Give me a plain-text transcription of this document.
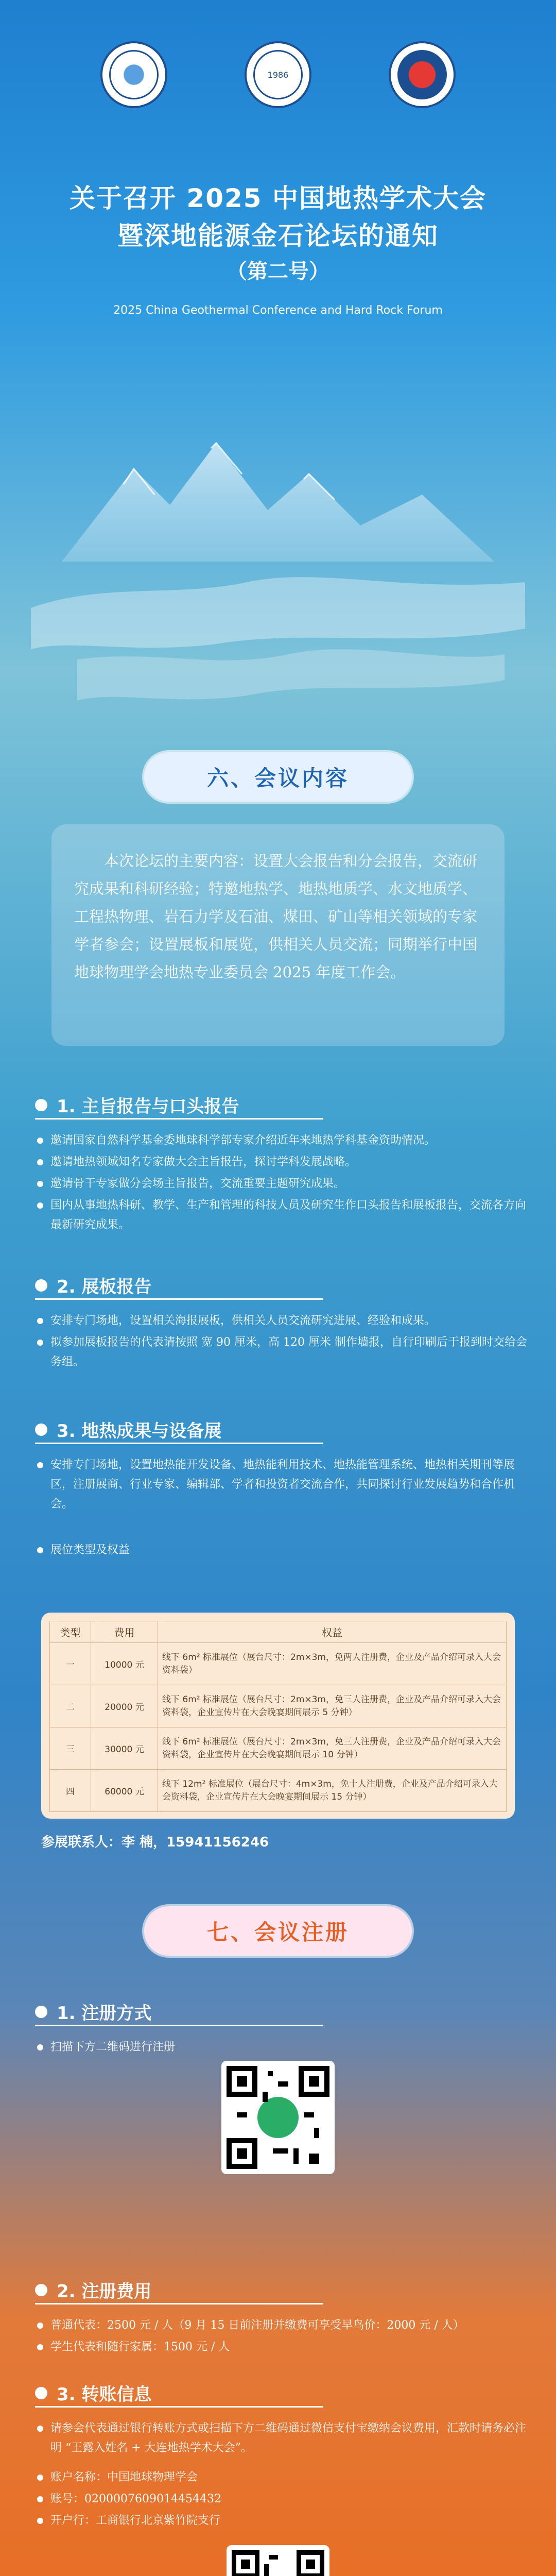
1986
关于召开 2025 中国地热学术大会
暨深地能源金石论坛的通知
（第二号）
2025 China Geothermal Conference and Hard Rock Forum
六、会议内容

本次论坛的主要内容：设置大会报告和分会报告，交流研究成果和科研经验；特邀地热学、地热地质学、水文地质学、工程热物理、岩石力学及石油、煤田、矿山等相关领域的专家学者参会；设置展板和展览，供相关人员交流；同期举行中国地球物理学会地热专业委员会 2025 年度工作会。

1. 主旨报告与口头报告
邀请国家自然科学基金委地球科学部专家介绍近年来地热学科基金资助情况。
邀请地热领域知名专家做大会主旨报告，探讨学科发展战略。
邀请骨干专家做分会场主旨报告，交流重要主题研究成果。
国内从事地热科研、教学、生产和管理的科技人员及研究生作口头报告和展板报告，交流各方向最新研究成果。
2. 展板报告
安排专门场地，设置相关海报展板，供相关人员交流研究进展、经验和成果。
拟参加展板报告的代表请按照 宽 90 厘米，高 120 厘米 制作墙报，自行印刷后于报到时交给会务组。
3. 地热成果与设备展
安排专门场地，设置地热能开发设备、地热能利用技术、地热能管理系统、地热相关期刊等展区，注册展商、行业专家、编辑部、学者和投资者交流合作，共同探讨行业发展趋势和合作机会。
展位类型及权益
类型	费用	权益
一	10000 元	线下 6m² 标准展位（展台尺寸：2m×3m，免两人注册费，企业及产品介绍可录入大会资料袋）
二	20000 元	线下 6m² 标准展位（展台尺寸：2m×3m，免三人注册费，企业及产品介绍可录入大会资料袋，企业宣传片在大会晚宴期间展示 5 分钟）
三	30000 元	线下 6m² 标准展位（展台尺寸：2m×3m，免三人注册费，企业及产品介绍可录入大会资料袋，企业宣传片在大会晚宴期间展示 10 分钟）
四	60000 元	线下 12m² 标准展位（展台尺寸：4m×3m，免十人注册费，企业及产品介绍可录入大会资料袋，企业宣传片在大会晚宴期间展示 15 分钟）
参展联系人：李 楠，15941156246
七、会议注册
1. 注册方式
扫描下方二维码进行注册
2. 注册费用
普通代表：2500 元 / 人（9 月 15 日前注册并缴费可享受早鸟价：2000 元 / 人）
学生代表和随行家属：1500 元 / 人
3. 转账信息
请参会代表通过银行转账方式或扫描下方二维码通过微信支付宝缴纳会议费用，汇款时请务必注明 “王露入姓名 + 大连地热学术大会”。
账户名称：中国地球物理学会
账号：0200007609014454432
开户行：工商银行北京紫竹院支行
